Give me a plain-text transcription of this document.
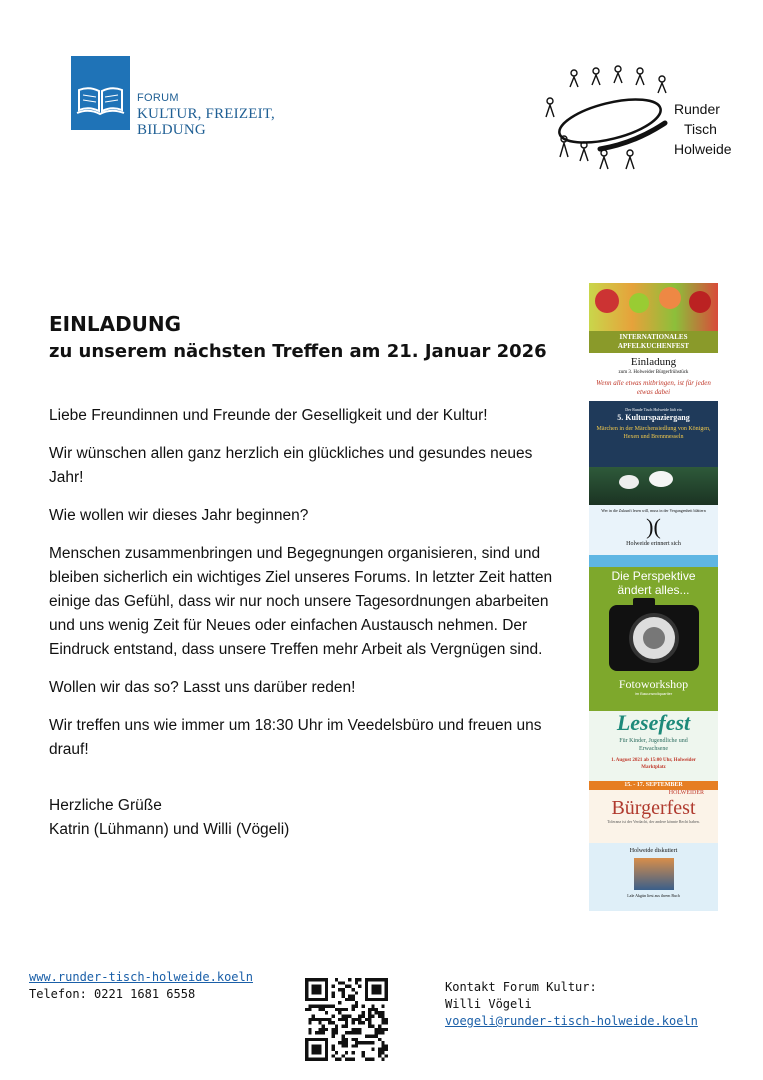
FORUM
KULTUR, FREIZEIT, BILDUNG
Runder
Tisch
Holweide
EINLADUNG
zu unserem nächsten Treffen am 21. Januar 2026

Liebe Freundinnen und Freunde der Geselligkeit und der Kultur!

Wir wünschen allen ganz herzlich ein glückliches und gesundes neues Jahr!

Wie wollen wir dieses Jahr beginnen?

Menschen zusammenbringen und Begegnungen organisieren, sind und bleiben sicherlich ein wichtiges Ziel unseres Forums. In letzter Zeit hatten einige das Gefühl, dass wir nur noch unsere Tagesordnungen abarbeiten und uns wenig Zeit für Neues oder einfachen Austausch nehmen. Der Eindruck entstand, dass unsere Treffen mehr Arbeit als Vergnügen sind.

Wollen wir das so? Lasst uns darüber reden!

Wir treffen uns wie immer um 18:30 Uhr im Veedelsbüro und freuen uns drauf!

Herzliche Grüße

Katrin (Lühmann) und Willi (Vögeli)

INTERNATIONALES APFELKUCHENFEST
Einladung
zum 3. Holweider Bürgerfrühstück
Wenn alle etwas mitbringen, ist für jeden etwas dabei
Der Runde Tisch Holweide lädt ein
5. Kulturspaziergang
Märchen in der Märchensiedlung von Königen, Hexen und Brennnesseln
Wer in die Zukunft lesen will, muss in der Vergangenheit blättern
)(
Holweide erinnert sich
Die Perspektive
ändert alles...
Fotoworkshop
im Bauunwollquartier
Lesefest
Für Kinder, Jugendliche und Erwachsene
1. August 2021 ab 15:00 Uhr, Holweider Marktplatz
15. - 17. SEPTEMBER
HOLWEIDER
Bürgerfest
Toleranz ist der Verdacht, der andere könnte Recht haben.
Holweide diskutiert
Lale Akgün liest aus ihrem Buch
www.runder-tisch-holweide.koeln
Telefon: 0221 1681 6558	Kontakt Forum Kultur:
Willi Vögeli
voegeli@runder-tisch-holweide.koeln
